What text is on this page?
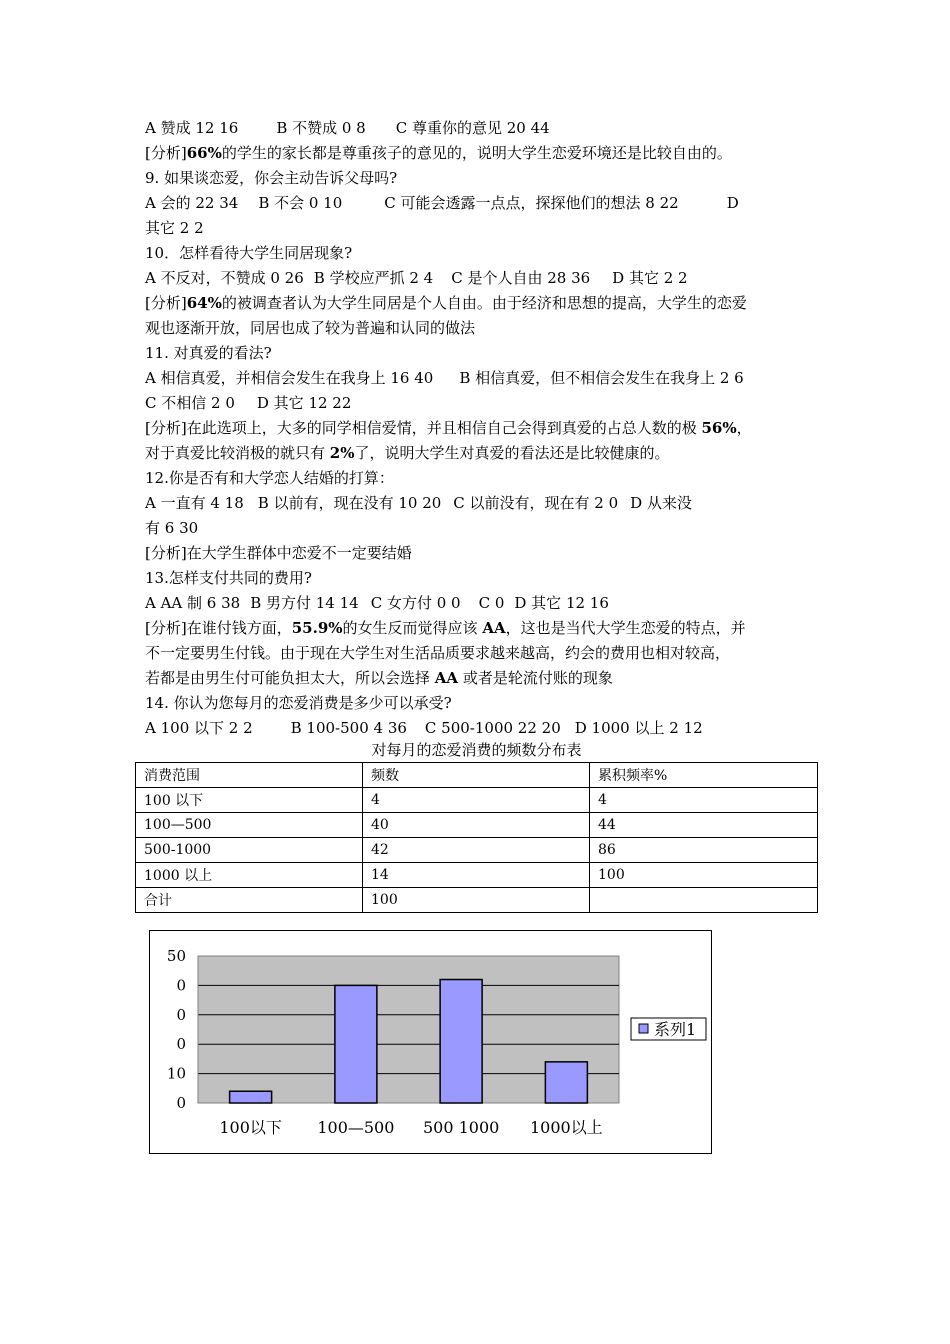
A 赞成 12 16	B 不赞成 0 8 C 尊重你的意见 20 44
[分析]66%的学生的家长都是尊重孩子的意见的，说明大学生恋爱环境还是比较自由的。
9. 如果谈恋爱，你会主动告诉父母吗?
A 会的 22 34 B 不会 0 10	C 可能会透露一点点，探探他们的想法 8 22	D
其它 2 2
10．怎样看待大学生同居现象?
A 不反对，不赞成 0 26 B 学校应严抓 2 4 C 是个人自由 28 36 D 其它 2 2
[分析]64%的被调查者认为大学生同居是个人自由。由于经济和思想的提高，大学生的恋爱
观也逐渐开放，同居也成了较为普遍和认同的做法
11. 对真爱的看法?
A 相信真爱，并相信会发生在我身上 16 40 B 相信真爱，但不相信会发生在我身上 2 6
C 不相信 2 0 D 其它 12 22
[分析]在此选项上，大多的同学相信爱情，并且相信自己会得到真爱的占总人数的极 56%，
对于真爱比较消极的就只有 2%了，说明大学生对真爱的看法还是比较健康的。
12.你是否有和大学恋人结婚的打算：
A 一直有 4 18 B 以前有，现在没有 10 20 C 以前没有，现在有 2 0 D 从来没
有 6 30
[分析]在大学生群体中恋爱不一定要结婚
13.怎样支付共同的费用?
A AA 制 6 38 B 男方付 14 14 C 女方付 0 0 C 0 D 其它 12 16
[分析]在谁付钱方面，55.9%的女生反而觉得应该 AA，这也是当代大学生恋爱的特点，并
不一定要男生付钱。由于现在大学生对生活品质要求越来越高，约会的费用也相对较高，
若都是由男生付可能负担太大，所以会选择 AA 或者是轮流付账的现象
14. 你认为您每月的恋爱消费是多少可以承受?
A 100 以下 2 2	B 100-500 4 36 C 500-1000 22 20 D 1000 以上 2 12
对每月的恋爱消费的频数分布表
消费范围	频数	累积频率%
100 以下	4	4
100—500	40	44
500-1000	42	86
1000 以上	14	100
合计	100	
0
10
0
0
0
50
100以下 100—500 500 1000 1000以上
系列1
